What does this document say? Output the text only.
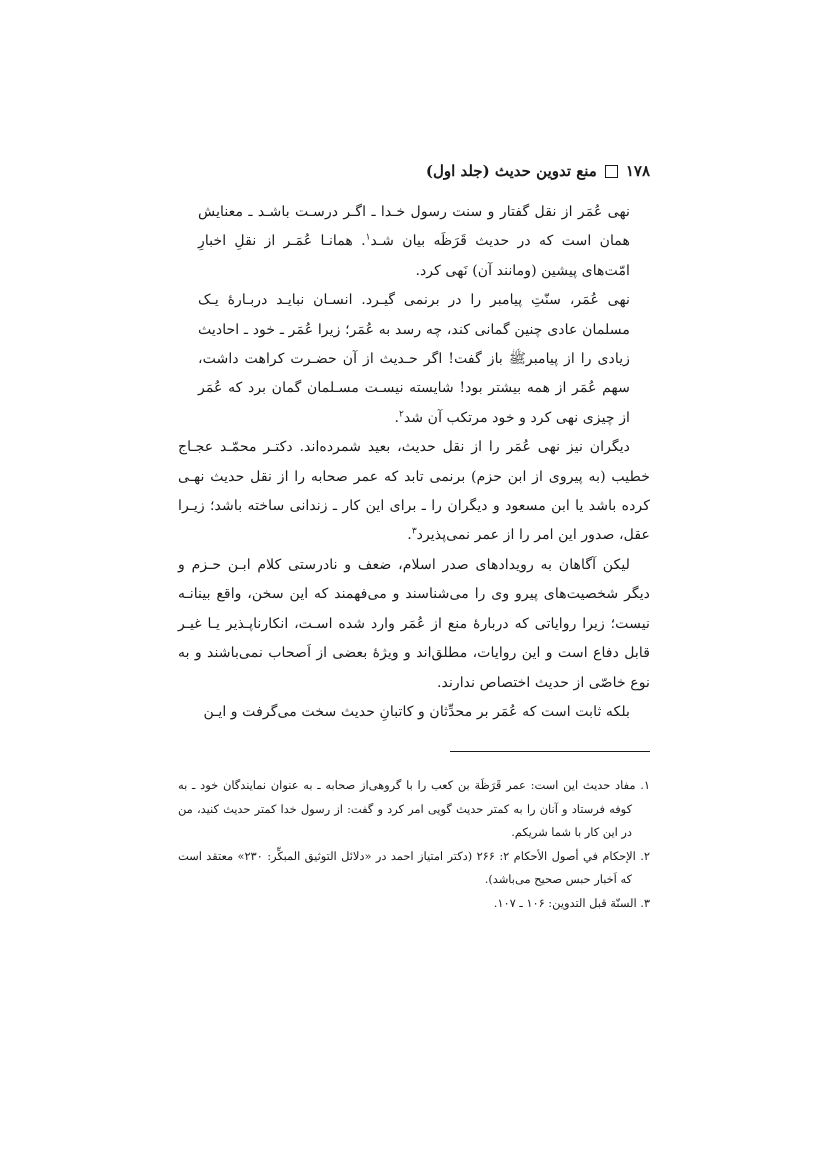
۱۷۸
منع تدوین حدیث (جلد اول)

نهی عُمَر از نقل گفتار و سنت رسول خـدا ـ اگـر درسـت باشـد ـ معنایش همان است که در حدیث قَرَظَه بیان شـد$^۱$. همانـا عُمَـر از نقلِ اخبارِ امّت‌های پیشین (ومانند آن) نَهی کرد.

نهی عُمَر، سنّتِ پیامبر را در برنمی گیـرد. انسـان نبایـد دربـارهٔ یـک مسلمان عادی چنین گمانی کند، چه رسد به عُمَر؛ زیرا عُمَر ـ خود ـ احادیث زیادی را از پیامبرﷺ باز گفت! اگر حـدیث از آن حضـرت کراهت داشت، سهم عُمَر از همه بیشتر بود! شایسته نیسـت مسـلمان گمان برد که عُمَر از چیزی نهی کرد و خود مرتکب آن شد$^۲$.

دیگران نیز نهی عُمَر را از نقل حدیث، بعید شمرده‌اند. دکتـر محمّـد عجـاج خطیب (به پیروی از ابن حزم) برنمی تابد که عمر صحابه را از نقل حدیث نهـی کرده باشد یا ابن مسعود و دیگران را ـ برای این کار ـ زندانی ساخته باشد؛ زیـرا عقل، صدور این امر را از عمر نمی‌پذیرد$^۳$.

لیکن آگاهان به رویدادهای صدر اسلام، ضعف و نادرستی کلام ابـن حـزم و دیگر شخصیت‌های پیرو وی را می‌شناسند و می‌فهمند که این سخن، واقع بینانـه نیست؛ زیرا روایاتی که دربارهٔ منع از عُمَر وارد شده اسـت، انکارناپـذیر یـا غیـر قابل دفاع است و این روایات، مطلق‌اند و ویژهٔ بعضی از اَصحاب نمی‌باشند و به نوع خاصّی از حدیث اختصاص ندارند.

بلکه ثابت است که عُمَر بر محدِّثان و کاتبانِ حدیث سخت می‌گرفت و ایـن

۱. مفاد حدیث این است: عمر قَرَظَة بن کعب را با گروهی‌از صحابه ـ به عنوان نمایندگان خود ـ به کوفه فرستاد و آنان را به کمتر حدیث گویی امر کرد و گفت: از رسول خدا کمتر حدیث کنید، من در این کار با شما شریکم.

۲. الإحكام في أصول الأحكام ۲: ۲۶۶ (دکتر امتیاز احمد در «دلائل التوثیق المبکِّر: ۲۳۰» معتقد است که اَخبار حبس صحیح می‌باشد).

۳. السنّة قبل التدوين: ۱۰۶ ـ ۱۰۷.
